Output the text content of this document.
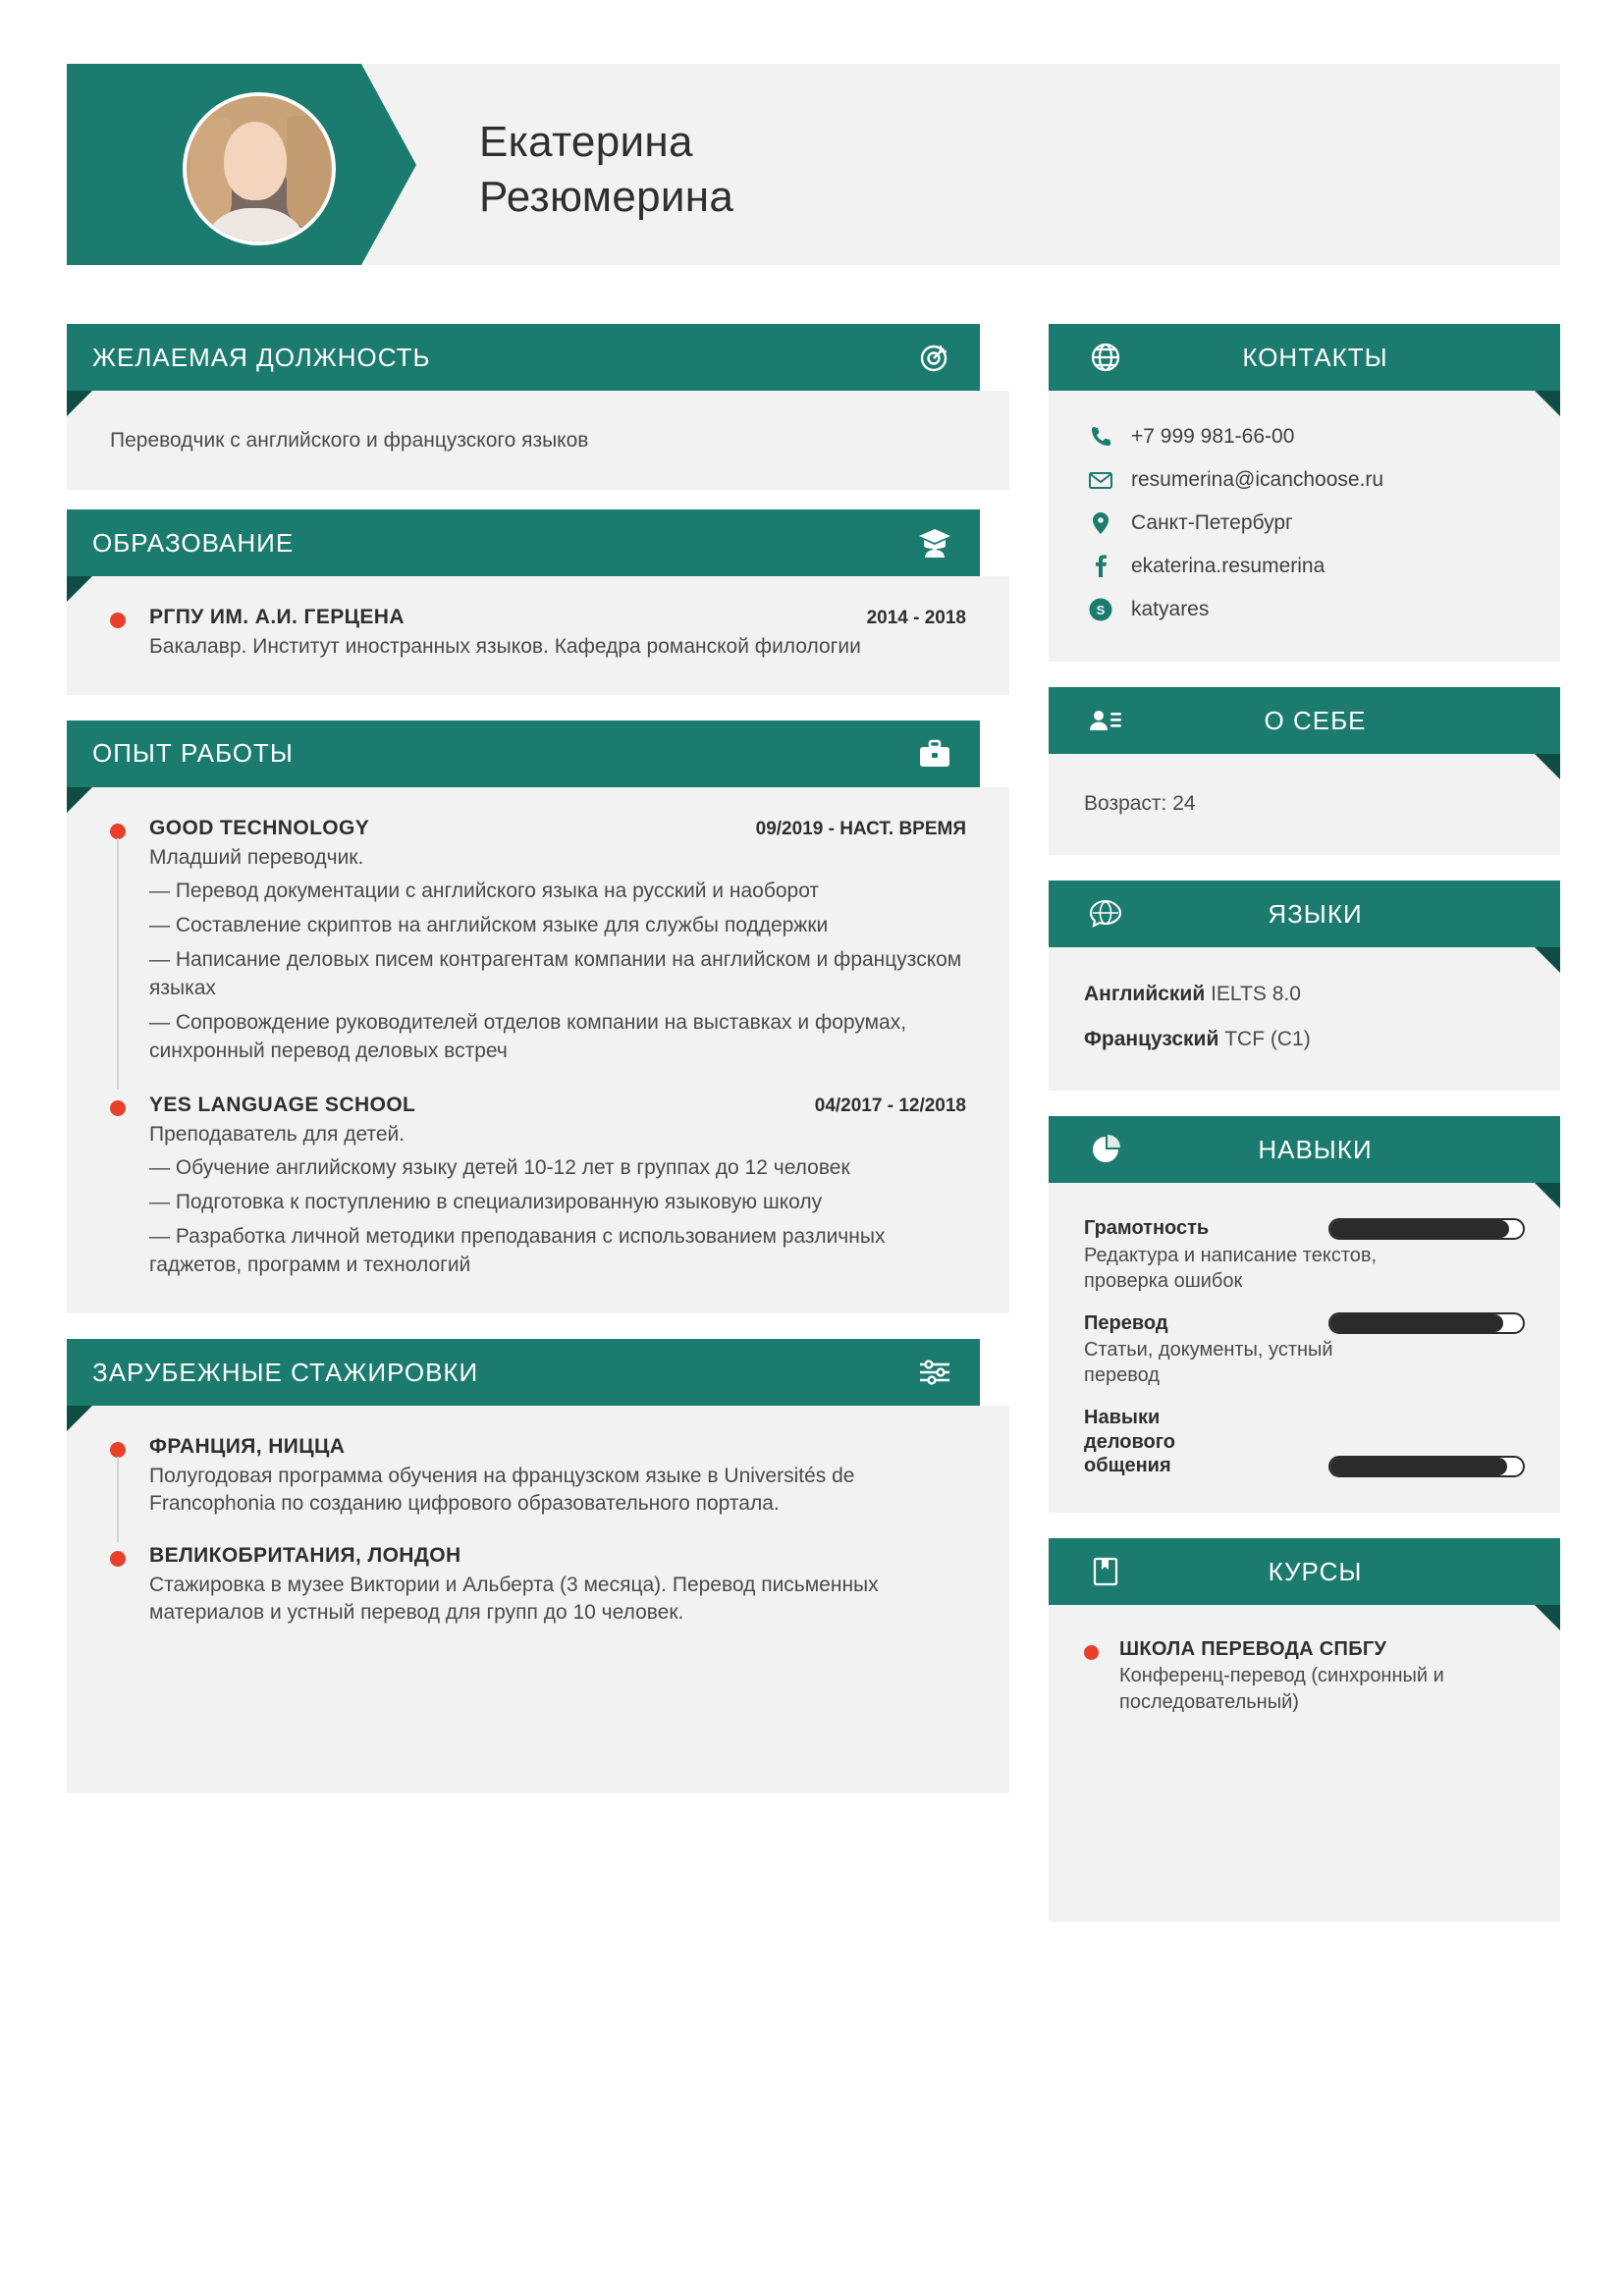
Екатерина
Резюмерина
ЖЕЛАЕМАЯ ДОЛЖНОСТЬ
Переводчик с английского и французского языков
ОБРАЗОВАНИЕ
РГПУ ИМ. А.И. ГЕРЦЕНА	2014 - 2018
Бакалавр. Институт иностранных языков. Кафедра романской филологии
ОПЫТ РАБОТЫ
GOOD TECHNOLOGY	09/2019 - НАСТ. ВРЕМЯ
Младший переводчик.
— Перевод документации с английского языка на русский и наоборот
— Составление скриптов на английском языке для службы поддержки
— Написание деловых писем контрагентам компании на английском и французском языках
— Сопровождение руководителей отделов компании на выставках и форумах, синхронный перевод деловых встреч
YES LANGUAGE SCHOOL	04/2017 - 12/2018
Преподаватель для детей.
— Обучение английскому языку детей 10-12 лет в группах до 12 человек
— Подготовка к поступлению в специализированную языковую школу
— Разработка личной методики преподавания с использованием различных гаджетов, программ и технологий
ЗАРУБЕЖНЫЕ СТАЖИРОВКИ
ФРАНЦИЯ, НИЦЦА
Полугодовая программа обучения на французском языке в Universités de Francophonia по созданию цифрового образовательного портала.
ВЕЛИКОБРИТАНИЯ, ЛОНДОН
Стажировка в музее Виктории и Альберта (3 месяца). Перевод письменных материалов и устный перевод для групп до 10 человек.
КОНТАКТЫ
+7 999 981-66-00
resumerina@icanchoose.ru
Санкт-Петербург
ekaterina.resumerina
S katyares
О СЕБЕ
Возраст: 24
ЯЗЫКИ
Английский IELTS 8.0
Французский TCF (C1)
НАВЫКИ
Грамотность
Редактура и написание текстов, проверка ошибок
Перевод
Статьи, документы, устный перевод
Навыки делового общения
КУРСЫ
ШКОЛА ПЕРЕВОДА СПБГУ
Конференц-перевод (синхронный и последовательный)
